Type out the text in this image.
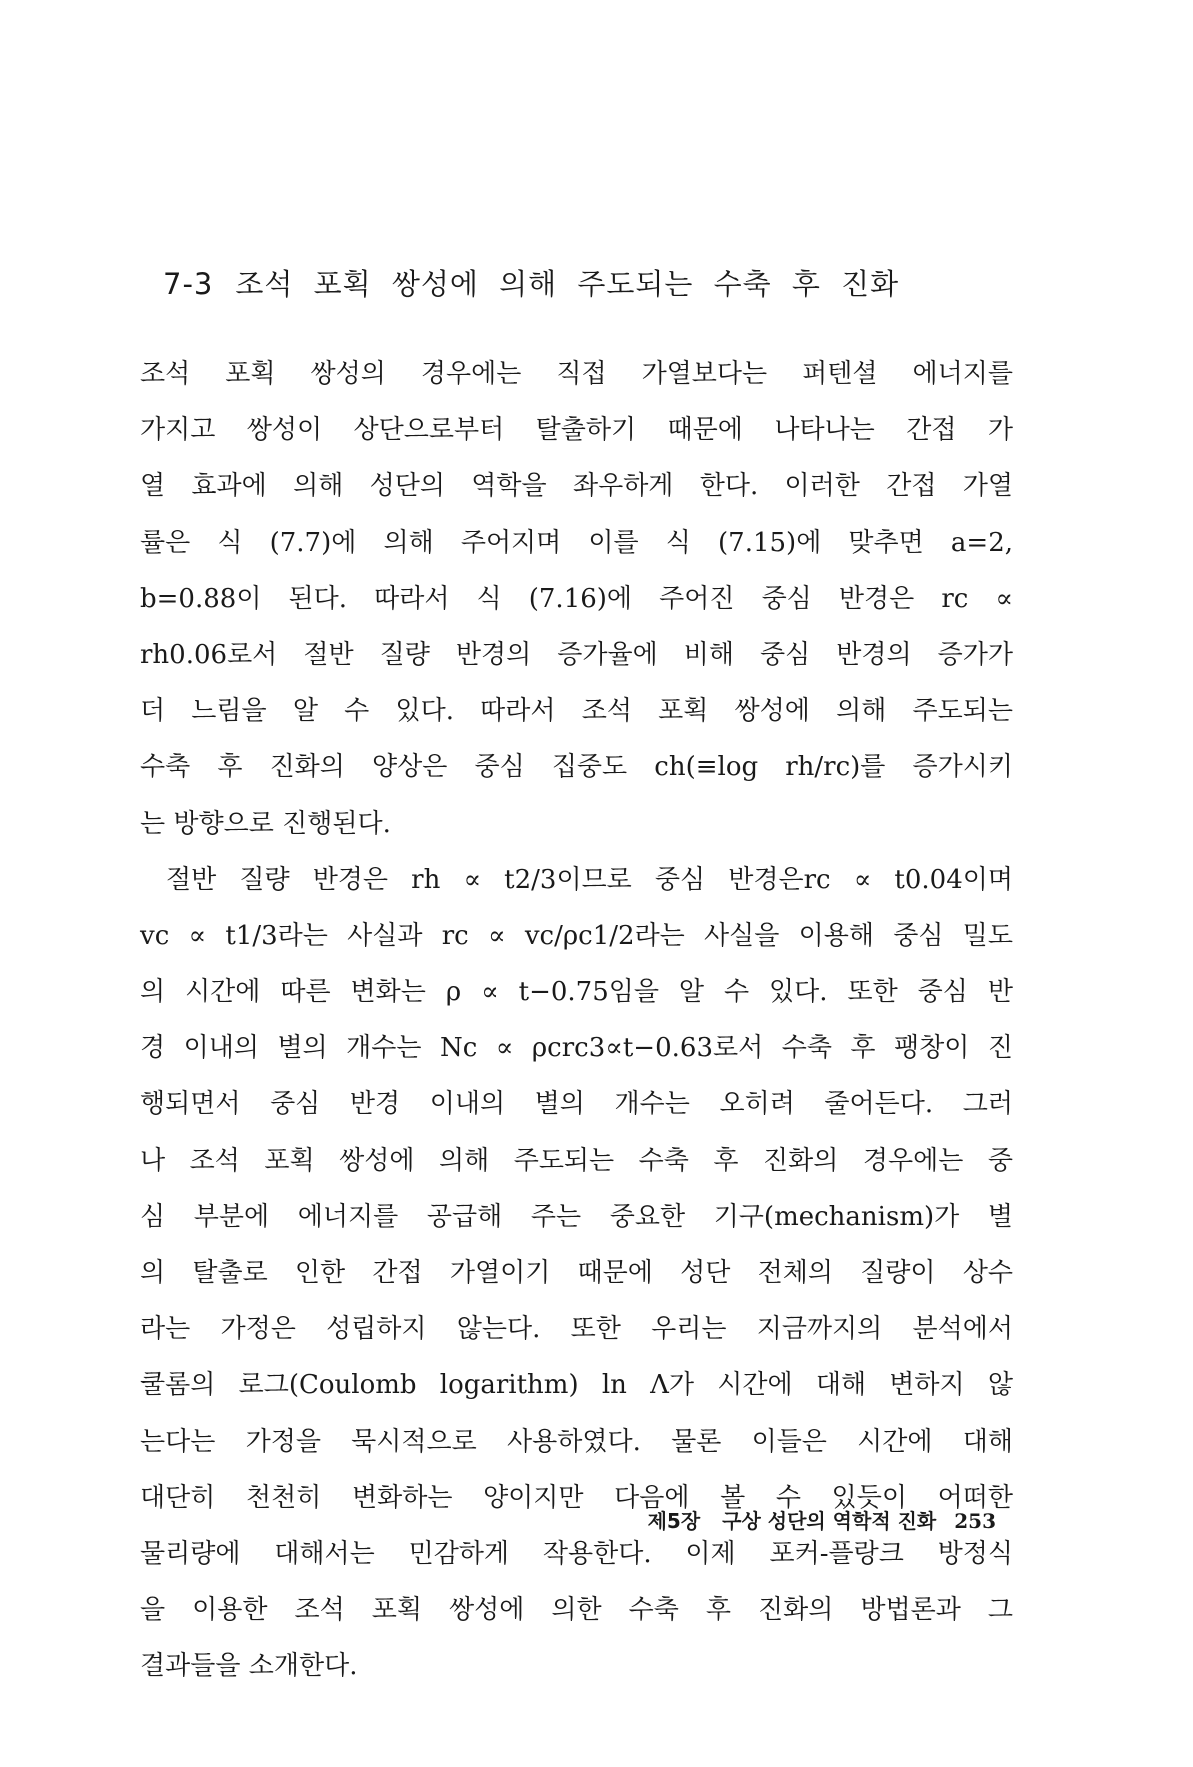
7-3 조석 포획 쌍성에 의해 주도되는 수축 후 진화
조석 포획 쌍성의 경우에는 직접 가열보다는 퍼텐셜 에너지를
가지고 쌍성이 상단으로부터 탈출하기 때문에 나타나는 간접 가
열 효과에 의해 성단의 역학을 좌우하게 한다. 이러한 간접 가열
률은 식 (7.7)에 의해 주어지며 이를 식 (7.15)에 맞추면 a=2,
b=0.88이 된다. 따라서 식 (7.16)에 주어진 중심 반경은 rc ∝
rh0.06로서 절반 질량 반경의 증가율에 비해 중심 반경의 증가가
더 느림을 알 수 있다. 따라서 조석 포획 쌍성에 의해 주도되는
수축 후 진화의 양상은 중심 집중도 ch(≡log rh/rc)를 증가시키
는 방향으로 진행된다.
절반 질량 반경은 rh ∝ t2/3이므로 중심 반경은rc ∝ t0.04이며
vc ∝ t1/3라는 사실과 rc ∝ vc/ρc1/2라는 사실을 이용해 중심 밀도
의 시간에 따른 변화는 ρ ∝ t−0.75임을 알 수 있다. 또한 중심 반
경 이내의 별의 개수는 Nc ∝ ρcrc3∝t−0.63로서 수축 후 팽창이 진
행되면서 중심 반경 이내의 별의 개수는 오히려 줄어든다. 그러
나 조석 포획 쌍성에 의해 주도되는 수축 후 진화의 경우에는 중
심 부분에 에너지를 공급해 주는 중요한 기구(mechanism)가 별
의 탈출로 인한 간접 가열이기 때문에 성단 전체의 질량이 상수
라는 가정은 성립하지 않는다. 또한 우리는 지금까지의 분석에서
쿨롬의 로그(Coulomb logarithm) ln Λ가 시간에 대해 변하지 않
는다는 가정을 묵시적으로 사용하였다. 물론 이들은 시간에 대해
대단히 천천히 변화하는 양이지만 다음에 볼 수 있듯이 어떠한
물리량에 대해서는 민감하게 작용한다. 이제 포커-플랑크 방정식
을 이용한 조석 포획 쌍성에 의한 수축 후 진화의 방법론과 그
결과들을 소개한다.
제5장 구상 성단의 역학적 진화 253
